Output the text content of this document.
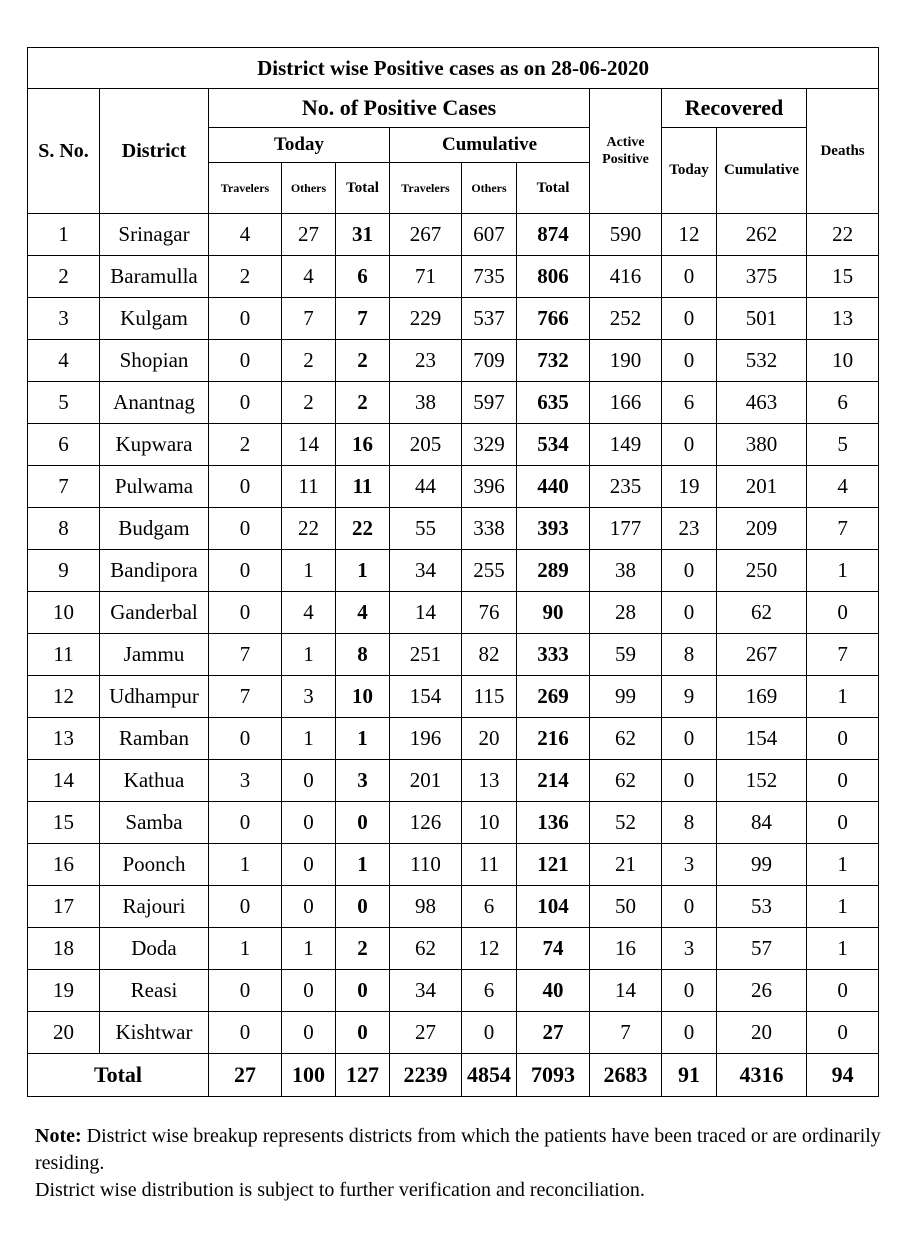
District wise Positive cases as on 28-06-2020											
S. No.	District	No. of Positive Cases						Active Positive	Recovered		Deaths
		Today			Cumulative				Today	Cumulative	
		Travelers	Others	Total	Travelers	Others	Total				
1	Srinagar	4	27	31	267	607	874	590	12	262	22
2	Baramulla	2	4	6	71	735	806	416	0	375	15
3	Kulgam	0	7	7	229	537	766	252	0	501	13
4	Shopian	0	2	2	23	709	732	190	0	532	10
5	Anantnag	0	2	2	38	597	635	166	6	463	6
6	Kupwara	2	14	16	205	329	534	149	0	380	5
7	Pulwama	0	11	11	44	396	440	235	19	201	4
8	Budgam	0	22	22	55	338	393	177	23	209	7
9	Bandipora	0	1	1	34	255	289	38	0	250	1
10	Ganderbal	0	4	4	14	76	90	28	0	62	0
11	Jammu	7	1	8	251	82	333	59	8	267	7
12	Udhampur	7	3	10	154	115	269	99	9	169	1
13	Ramban	0	1	1	196	20	216	62	0	154	0
14	Kathua	3	0	3	201	13	214	62	0	152	0
15	Samba	0	0	0	126	10	136	52	8	84	0
16	Poonch	1	0	1	110	11	121	21	3	99	1
17	Rajouri	0	0	0	98	6	104	50	0	53	1
18	Doda	1	1	2	62	12	74	16	3	57	1
19	Reasi	0	0	0	34	6	40	14	0	26	0
20	Kishtwar	0	0	0	27	0	27	7	0	20	0
Total		27	100	127	2239	4854	7093	2683	91	4316	94
Note: District wise breakup represents districts from which the patients have been traced or are ordinarily residing.
District wise distribution is subject to further verification and reconciliation.
